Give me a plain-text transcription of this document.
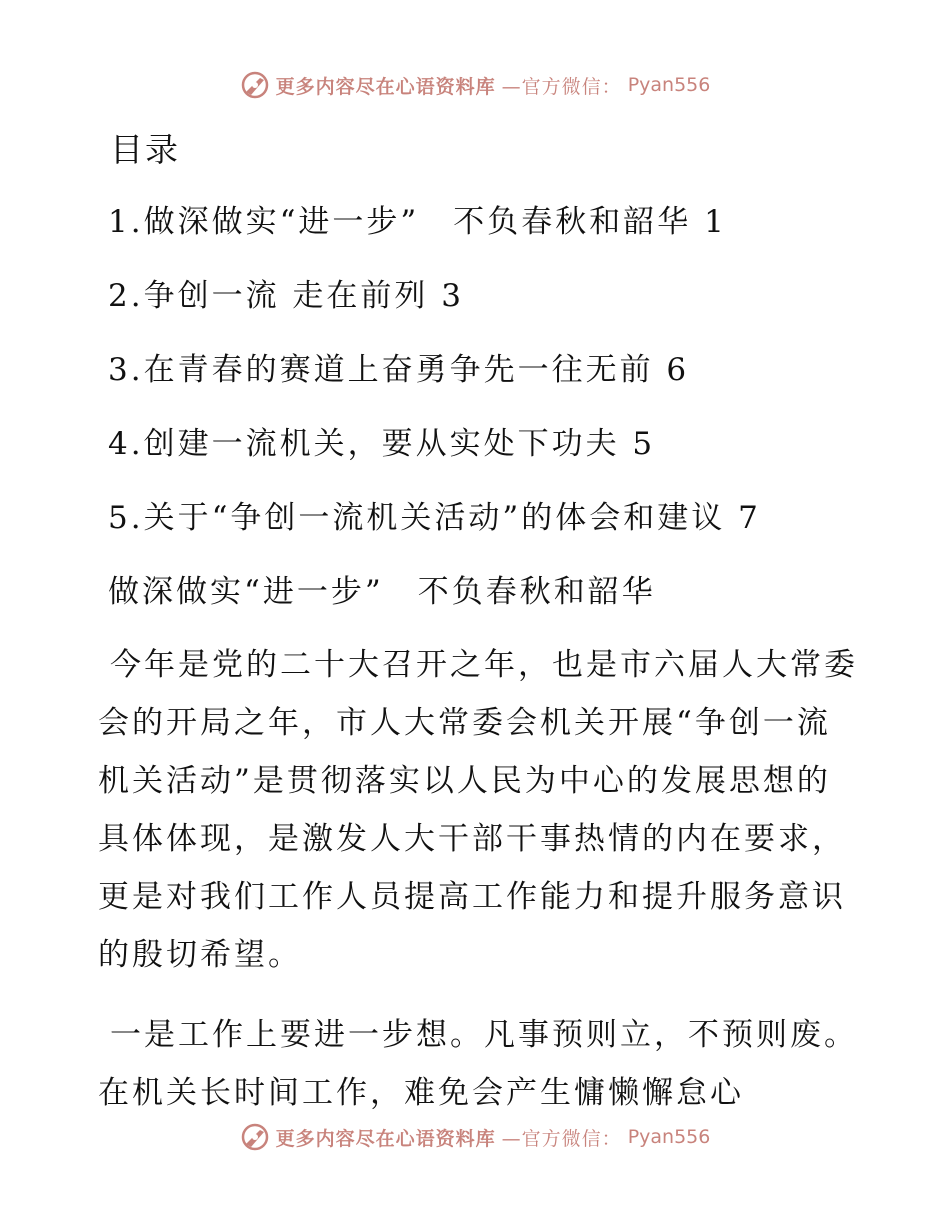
更多内容尽在心语资料库 —官方微信： Pyan556
目录
1.做深做实“进一步”　不负春秋和韶华 1
2.争创一流 走在前列 3
3.在青春的赛道上奋勇争先一往无前 6
4.创建一流机关，要从实处下功夫 5
5.关于“争创一流机关活动”的体会和建议 7
做深做实“进一步”　不负春秋和韶华

今年是党的二十大召开之年，也是市六届人大常委会的开局之年，市人大常委会机关开展“争创一流机关活动”是贯彻落实以人民为中心的发展思想的具体体现，是激发人大干部干事热情的内在要求，更是对我们工作人员提高工作能力和提升服务意识的殷切希望。

一是工作上要进一步想。凡事预则立，不预则废。在机关长时间工作，难免会产生慵懒懈怠心

更多内容尽在心语资料库 —官方微信： Pyan556
